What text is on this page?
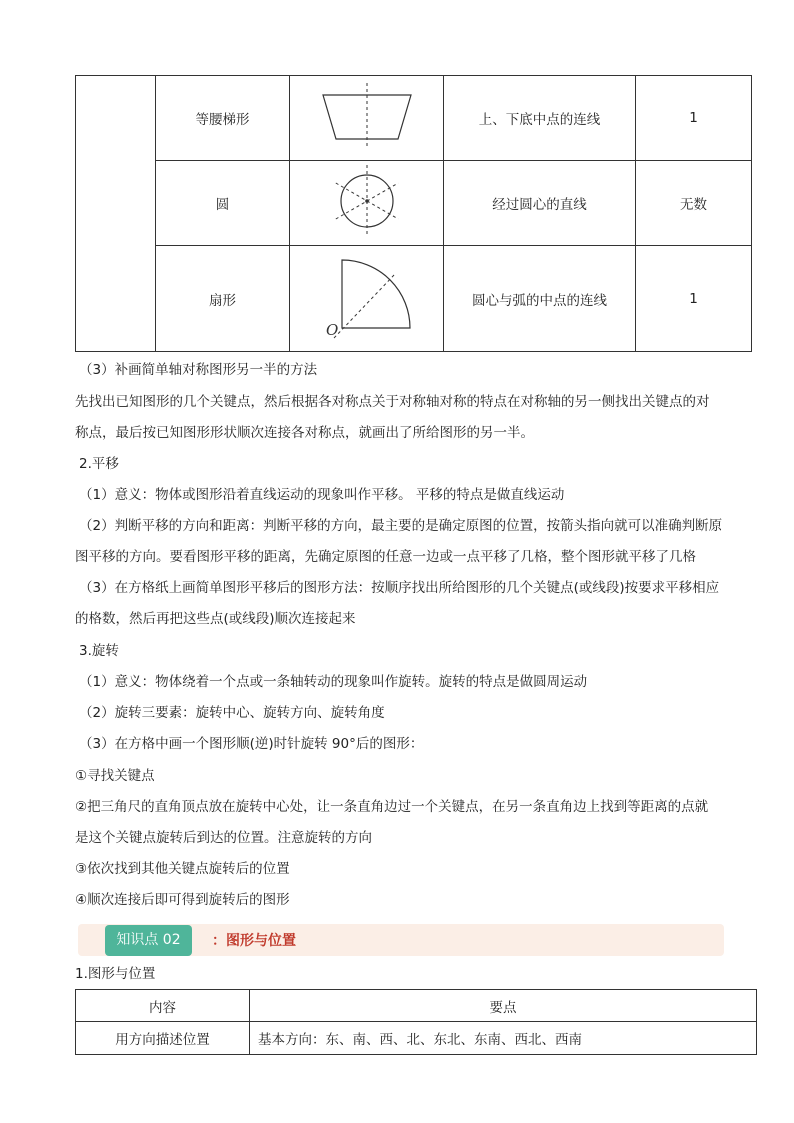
	等腰梯形		上、下底中点的连线	1
	圆		经过圆心的直线	无数
	扇形	O	圆心与弧的中点的连线	1
（3）补画简单轴对称图形另一半的方法
先找出已知图形的几个关键点，然后根据各对称点关于对称轴对称的特点在对称轴的另一侧找出关键点的对
称点，最后按已知图形形状顺次连接各对称点，就画出了所给图形的另一半。
2.平移
（1）意义：物体或图形沿着直线运动的现象叫作平移。 平移的特点是做直线运动
（2）判断平移的方向和距离：判断平移的方向，最主要的是确定原图的位置，按箭头指向就可以准确判断原
图平移的方向。要看图形平移的距离，先确定原图的任意一边或一点平移了几格，整个图形就平移了几格
（3）在方格纸上画简单图形平移后的图形方法：按顺序找出所给图形的几个关键点(或线段)按要求平移相应
的格数，然后再把这些点(或线段)顺次连接起来
3.旋转
（1）意义：物体绕着一个点或一条轴转动的现象叫作旋转。旋转的特点是做圆周运动
（2）旋转三要素：旋转中心、旋转方向、旋转角度
（3）在方格中画一个图形顺(逆)时针旋转 90°后的图形：
①寻找关键点
②把三角尺的直角顶点放在旋转中心处，让一条直角边过一个关键点，在另一条直角边上找到等距离的点就
是这个关键点旋转后到达的位置。注意旋转的方向
③依次找到其他关键点旋转后的位置
④顺次连接后即可得到旋转后的图形
知识点 02	：图形与位置
1.图形与位置
内容	要点
用方向描述位置	基本方向：东、南、西、北、东北、东南、西北、西南
